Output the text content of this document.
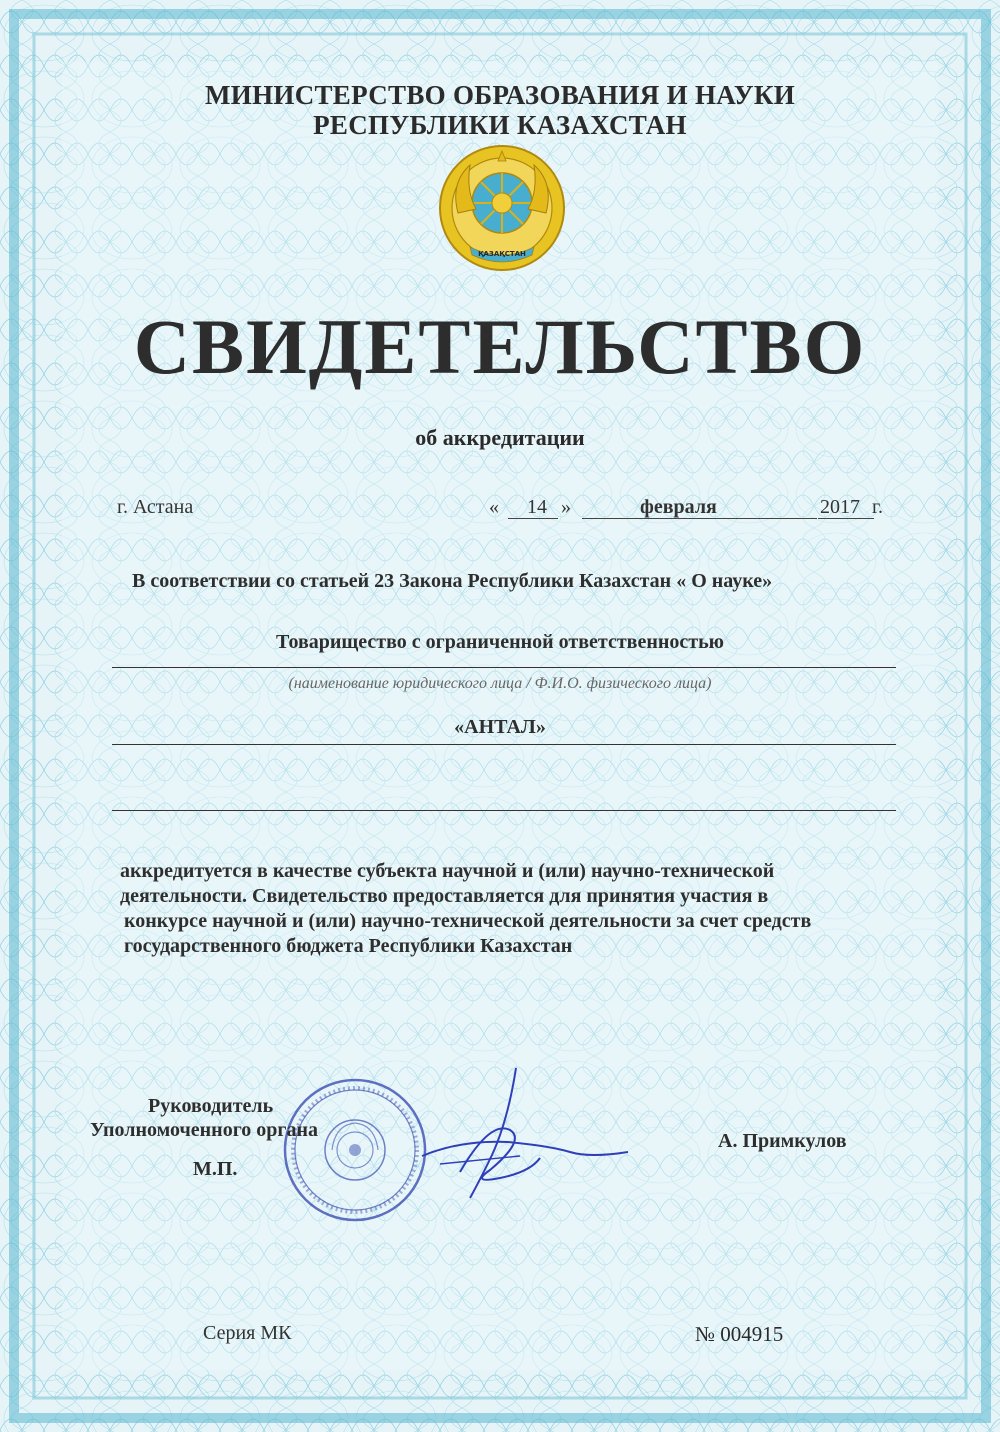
МИНИСТЕРСТВО ОБРАЗОВАНИЯ И НАУКИ
РЕСПУБЛИКИ КАЗАХСТАН
ҚАЗАҚСТАН
СВИДЕТЕЛЬСТВО
об аккредитации
г. Астана	« 14 »	февраля	2017 г.
В соответствии со статьей 23 Закона Республики Казахстан « О науке»
Товарищество с ограниченной ответственностью
(наименование юридического лица / Ф.И.О. физического лица)
«АНТАЛ»
аккредитуется в качестве субъекта научной и (или) научно-технической
деятельности. Свидетельство предоставляется для принятия участия в
конкурсе научной и (или) научно-технической деятельности за счет средств
государственного бюджета Республики Казахстан
Руководитель
Уполномоченного органа
М.П.
А. Примкулов
Серия МК	№ 004915
